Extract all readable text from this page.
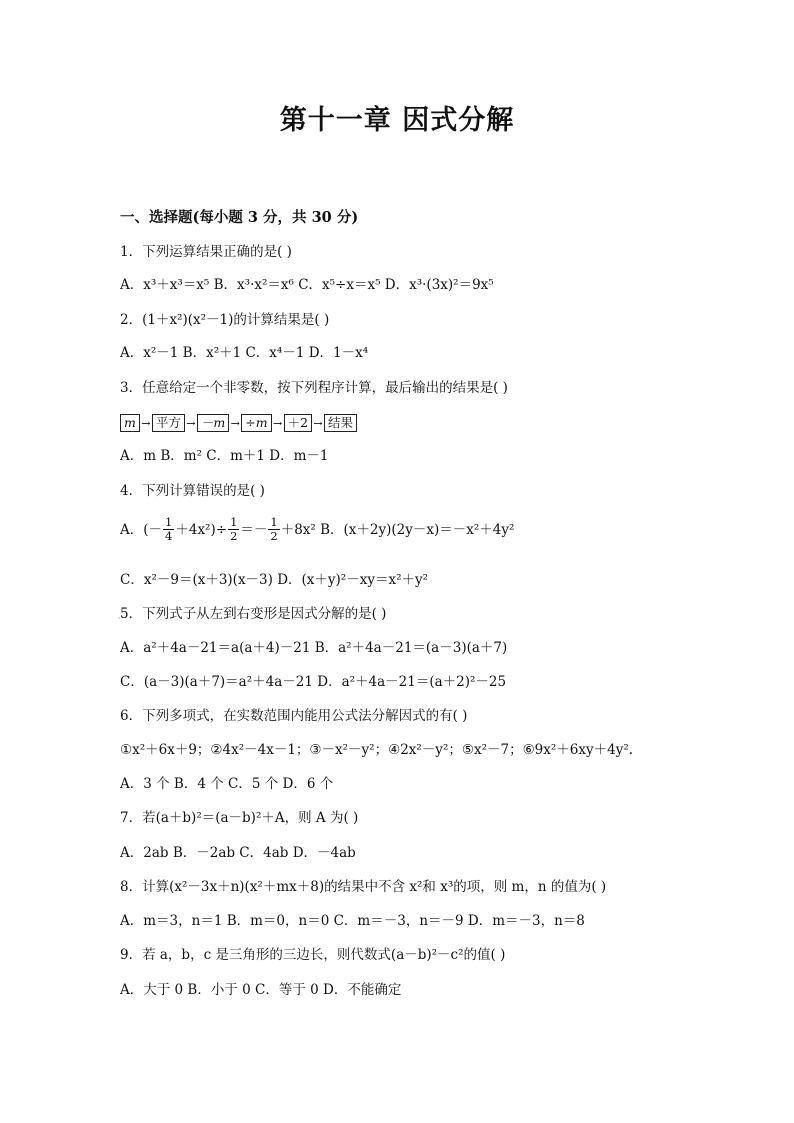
第十一章 因式分解
一、选择题(每小题 3 分，共 30 分)
1．下列运算结果正确的是( )
A．x³＋x³＝x⁵ B．x³·x²＝x⁶ C．x⁵÷x＝x⁵ D．x³·(3x)²＝9x⁵
2．(1＋x²)(x²－1)的计算结果是( )
A．x²－1 B．x²＋1 C．x⁴－1 D．1－x⁴
3．任意给定一个非零数，按下列程序计算，最后输出的结果是( )
m → 平方 → －m → ÷m → ＋2 → 结果
A．m B．m² C．m＋1 D．m－1
4．下列计算错误的是( )
A．(－ $\frac{1}{4} +4x^2)\div \frac{1}{2} =- \frac{1}{2} +8x^2$ B．(x＋2y)(2y－x)＝－x²＋4y²
C．x²－9＝(x＋3)(x－3) D．(x＋y)²－xy＝x²＋y²
· 5．下列式子从左到右变形是因式分解的是( )
A．a²＋4a－21＝a(a＋4)－21 B．a²＋4a－21＝(a－3)(a＋7)
C．(a－3)(a＋7)＝a²＋4a－21 D．a²＋4a－21＝(a＋2)²－25
6．下列多项式，在实数范围内能用公式法分解因式的有( )
①x²＋6x＋9；②4x²－4x－1；③－x²－y²；④2x²－y²；⑤x²－7；⑥9x²＋6xy＋4y².
A．3 个 B．4 个 C．5 个 D．6 个
7．若(a＋b)²＝(a－b)²＋A，则 A 为( )
A．2ab B．－2ab C．4ab D．－4ab
8．计算(x²－3x＋n)(x²＋mx＋8)的结果中不含 x²和 x³的项，则 m，n 的值为( )
A．m＝3，n＝1 B．m＝0，n＝0 C．m＝－3，n＝－9 D．m＝－3，n＝8
9．若 a，b，c 是三角形的三边长，则代数式(a－b)²－c²的值( )
A．大于 0 B．小于 0 C．等于 0 D．不能确定
